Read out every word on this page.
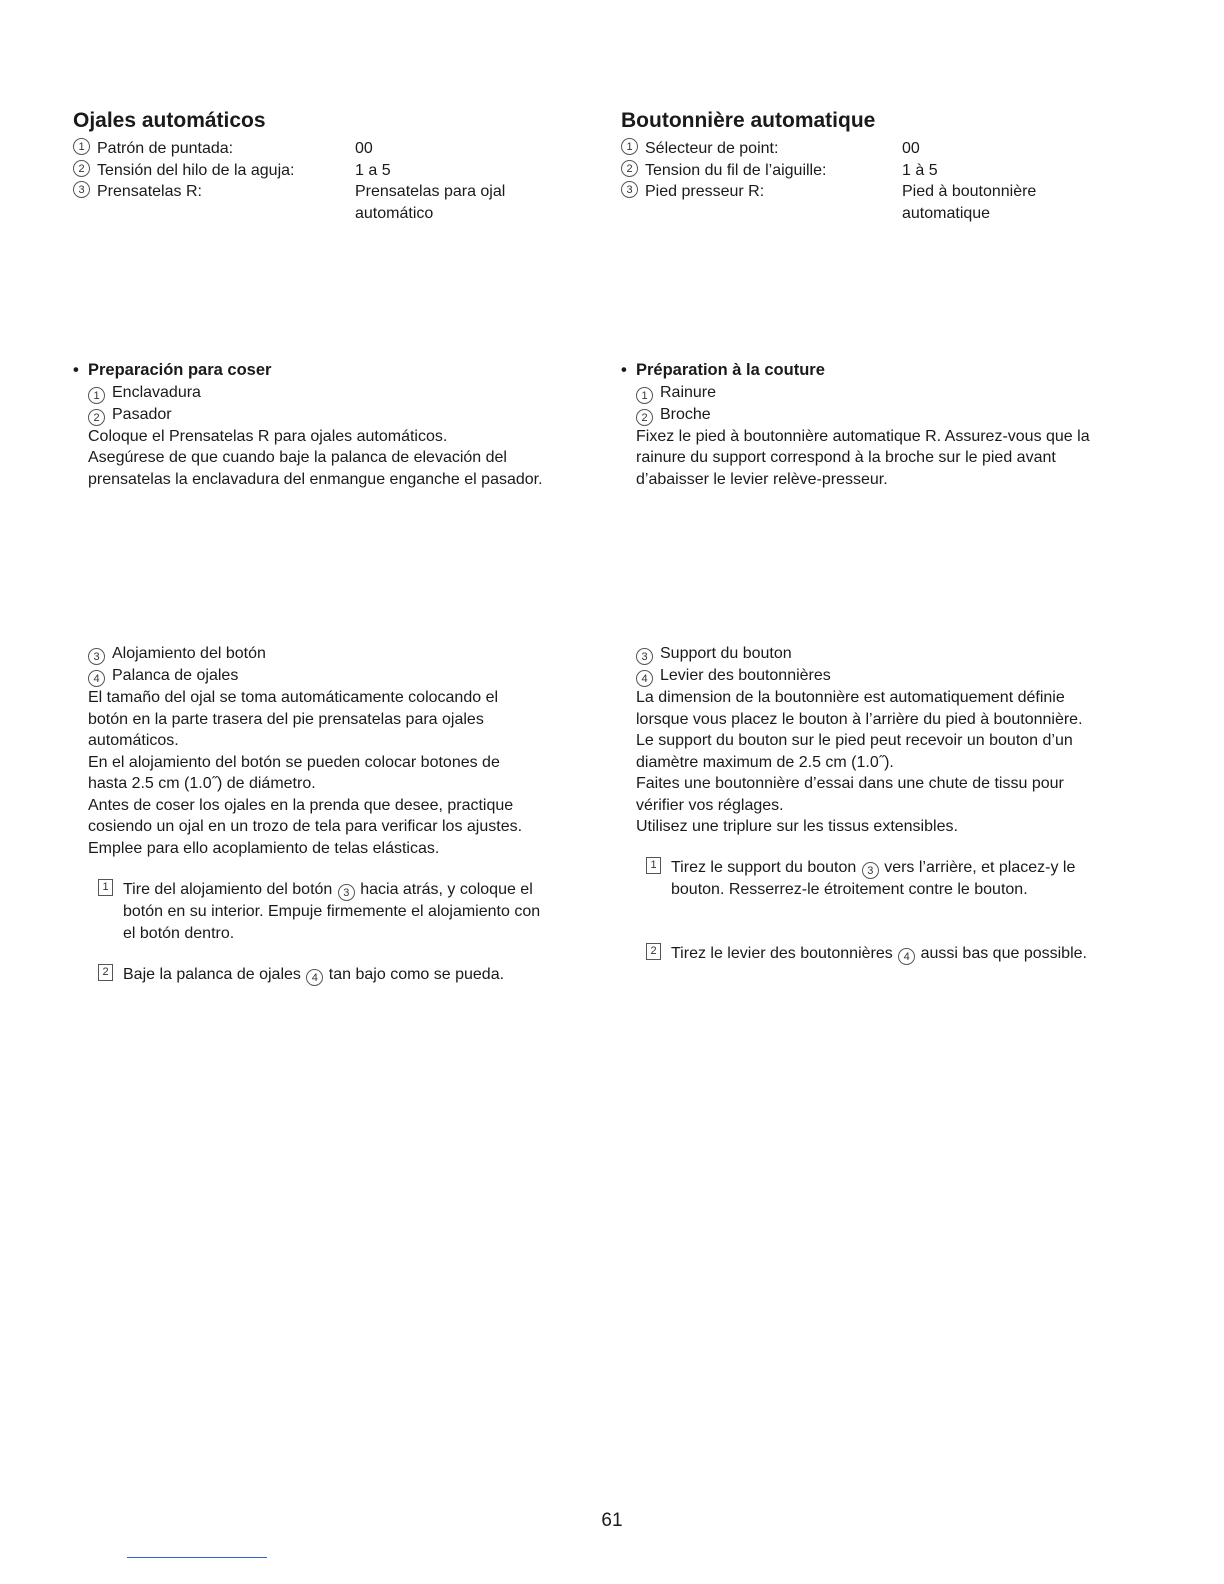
Ojales automáticos
1 Patrón de puntada:	00
2 Tensión del hilo de la aguja:	1 a 5
3 Prensatelas R:	Prensatelas para ojal
automático
• Preparación para coser
1 Enclavadura
2 Pasador
Coloque el Prensatelas R para ojales automáticos.
Asegúrese de que cuando baje la palanca de elevación del
prensatelas la enclavadura del enmangue enganche el pasador.
3 Alojamiento del botón
4 Palanca de ojales
El tamaño del ojal se toma automáticamente colocando el
botón en la parte trasera del pie prensatelas para ojales
automáticos.
En el alojamiento del botón se pueden colocar botones de
hasta 2.5 cm (1.0˝) de diámetro.
Antes de coser los ojales en la prenda que desee, practique
cosiendo un ojal en un trozo de tela para verificar los ajustes.
Emplee para ello acoplamiento de telas elásticas.
1 Tire del alojamiento del botón 3 hacia atrás, y coloque el
botón en su interior. Empuje firmemente el alojamiento con
el botón dentro.
2 Baje la palanca de ojales 4 tan bajo como se pueda.
Boutonnière automatique
1 Sélecteur de point:	00
2 Tension du fil de l’aiguille:	1 à 5
3 Pied presseur R:	Pied à boutonnière
automatique
• Préparation à la couture
1 Rainure
2 Broche
Fixez le pied à boutonnière automatique R. Assurez-vous que la
rainure du support correspond à la broche sur le pied avant
d’abaisser le levier relève-presseur.
3 Support du bouton
4 Levier des boutonnières
La dimension de la boutonnière est automatiquement définie
lorsque vous placez le bouton à l’arrière du pied à boutonnière.
Le support du bouton sur le pied peut recevoir un bouton d’un
diamètre maximum de 2.5 cm (1.0˝).
Faites une boutonnière d’essai dans une chute de tissu pour
vérifier vos réglages.
Utilisez une triplure sur les tissus extensibles.
1 Tirez le support du bouton 3 vers l’arrière, et placez-y le
bouton. Resserrez-le étroitement contre le bouton.
2 Tirez le levier des boutonnières 4 aussi bas que possible.
61
